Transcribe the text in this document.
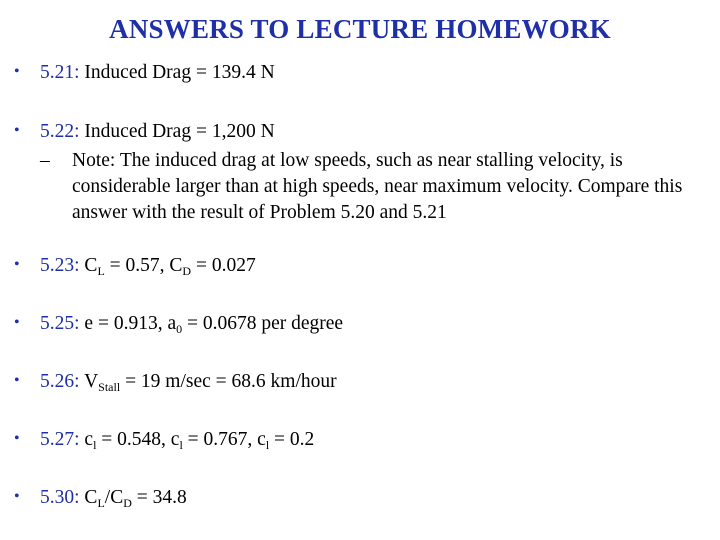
ANSWERS TO LECTURE HOMEWORK
• 5.21: Induced Drag = 139.4 N
• 5.22: Induced Drag = 1,200 N
–	Note: The induced drag at low speeds, such as near stalling velocity, is
considerable larger than at high speeds, near maximum velocity. Compare this
answer with the result of Problem 5.20 and 5.21
• 5.23: $C_L = 0.57$, $C_D = 0.027$
• 5.25: e = 0.913, $a_0 = 0.0678$ per degree
• 5.26: $V_{Stall} = 19$ m/sec = 68.6 km/hour
• 5.27: $c_l = 0.548$, $c_l = 0.767$, $c_l = 0.2$
• 5.30: $C_L/C_D = 34.8$
